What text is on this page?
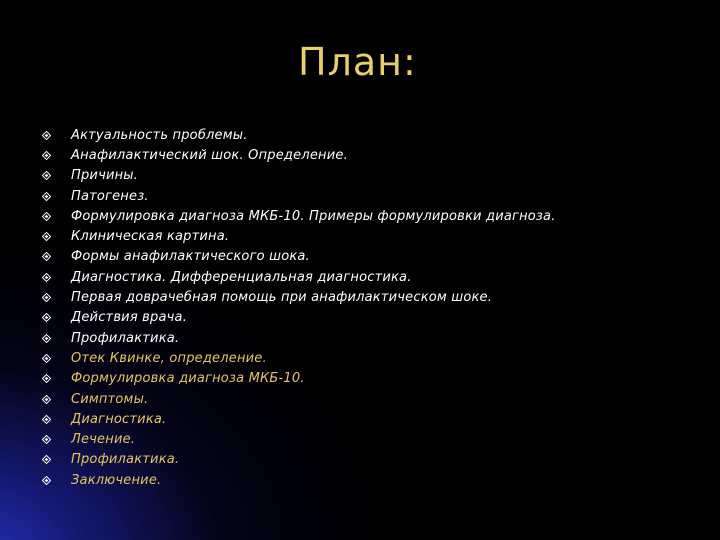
План:
Актуальность проблемы.
Анафилактический шок. Определение.
Причины.
Патогенез.
Формулировка диагноза МКБ-10. Примеры формулировки диагноза.
Клиническая картина.
Формы анафилактического шока.
Диагностика. Дифференциальная диагностика.
Первая доврачебная помощь при анафилактическом шоке.
Действия врача.
Профилактика.
Отек Квинке, определение.
Формулировка диагноза МКБ-10.
Симптомы.
Диагностика.
Лечение.
Профилактика.
Заключение.
